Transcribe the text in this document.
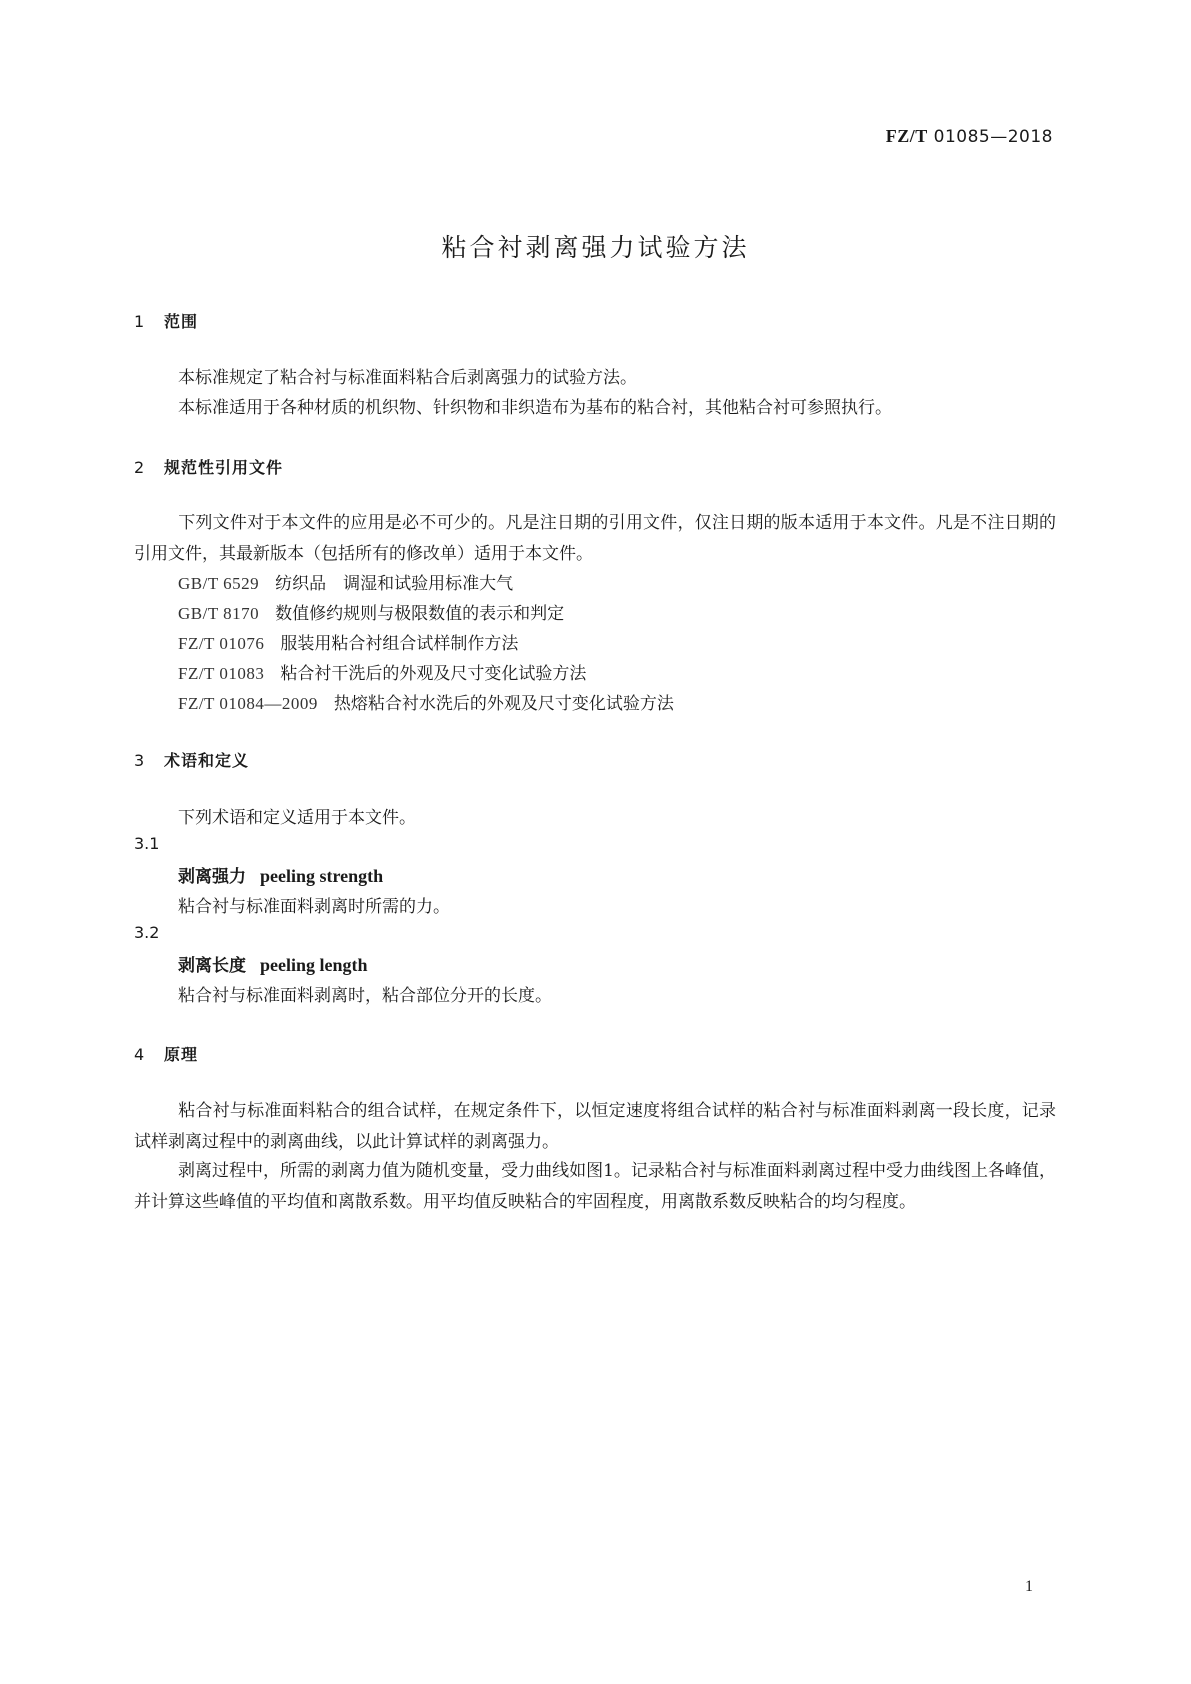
FZ/T 01085—2018
粘合衬剥离强力试验方法
1 范围
本标准规定了粘合衬与标准面料粘合后剥离强力的试验方法。
本标准适用于各种材质的机织物、针织物和非织造布为基布的粘合衬，其他粘合衬可参照执行。
2 规范性引用文件
下列文件对于本文件的应用是必不可少的。凡是注日期的引用文件，仅注日期的版本适用于本文件。凡是不注日期的引用文件，其最新版本（包括所有的修改单）适用于本文件。
GB/T 6529 纺织品　调湿和试验用标准大气
GB/T 8170 数值修约规则与极限数值的表示和判定
FZ/T 01076 服装用粘合衬组合试样制作方法
FZ/T 01083 粘合衬干洗后的外观及尺寸变化试验方法
FZ/T 01084—2009 热熔粘合衬水洗后的外观及尺寸变化试验方法
3 术语和定义
下列术语和定义适用于本文件。
3.1
剥离强力 peeling strength
粘合衬与标准面料剥离时所需的力。
3.2
剥离长度 peeling length
粘合衬与标准面料剥离时，粘合部位分开的长度。
4 原理
粘合衬与标准面料粘合的组合试样，在规定条件下，以恒定速度将组合试样的粘合衬与标准面料剥离一段长度，记录试样剥离过程中的剥离曲线，以此计算试样的剥离强力。
剥离过程中，所需的剥离力值为随机变量，受力曲线如图1。记录粘合衬与标准面料剥离过程中受力曲线图上各峰值，并计算这些峰值的平均值和离散系数。用平均值反映粘合的牢固程度，用离散系数反映粘合的均匀程度。
1
